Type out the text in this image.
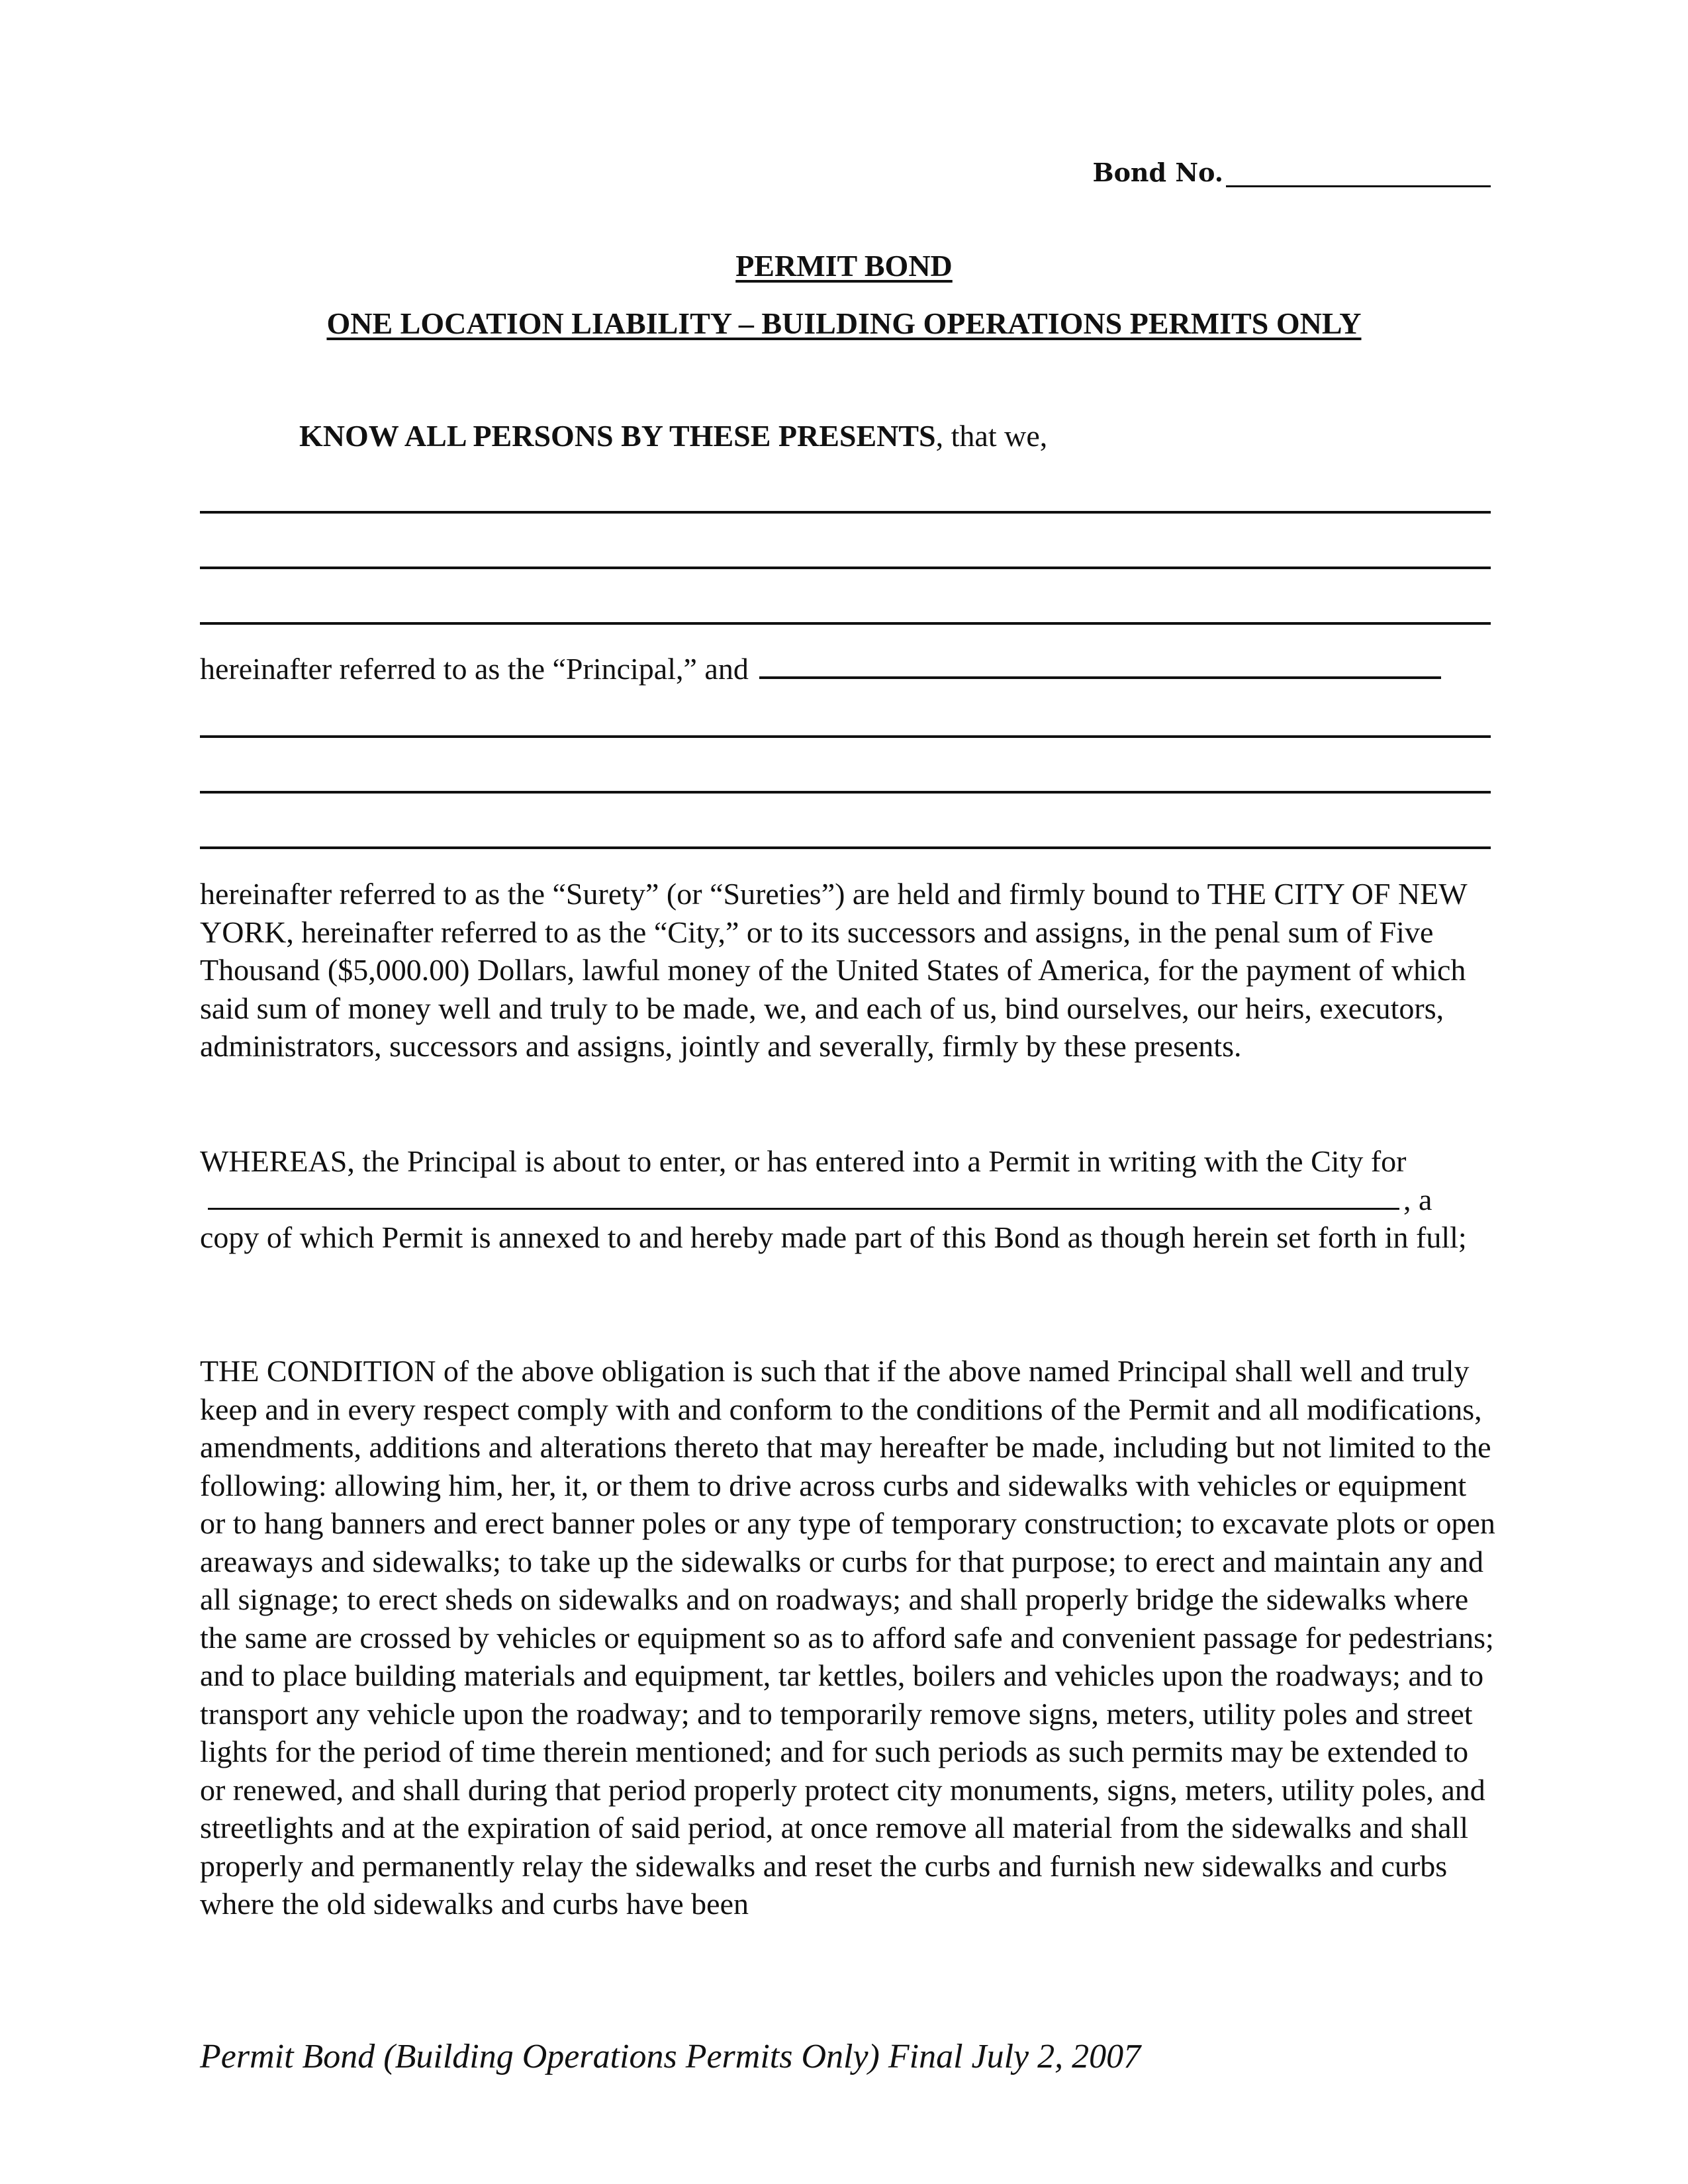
Bond No.
PERMIT BOND
ONE LOCATION LIABILITY – BUILDING OPERATIONS PERMITS ONLY
KNOW ALL PERSONS BY THESE PRESENTS, that we,
hereinafter referred to as the “Principal,” and
hereinafter referred to as the “Surety” (or “Sureties”) are held and firmly bound to THE CITY OF NEW YORK, hereinafter referred to as the “City,” or to its successors and assigns, in the penal sum of Five Thousand ($5,000.00) Dollars, lawful money of the United States of America, for the payment of which said sum of money well and truly to be made, we, and each of us, bind ourselves, our heirs, executors, administrators, successors and assigns, jointly and severally, firmly by these presents.
WHEREAS, the Principal is about to enter, or has entered into a Permit in writing with the City for, a copy of which Permit is annexed to and hereby made part of this Bond as though herein set forth in full;
THE CONDITION of the above obligation is such that if the above named Principal shall well and truly keep and in every respect comply with and conform to the conditions of the Permit and all modifications, amendments, additions and alterations thereto that may hereafter be made, including but not limited to the following: allowing him, her, it, or them to drive across curbs and sidewalks with vehicles or equipment or to hang banners and erect banner poles or any type of temporary construction; to excavate plots or open areaways and sidewalks; to take up the sidewalks or curbs for that purpose; to erect and maintain any and all signage; to erect sheds on sidewalks and on roadways; and shall properly bridge the sidewalks where the same are crossed by vehicles or equipment so as to afford safe and convenient passage for pedestrians; and to place building materials and equipment, tar kettles, boilers and vehicles upon the roadways; and to transport any vehicle upon the roadway; and to temporarily remove signs, meters, utility poles and street lights for the period of time therein mentioned; and for such periods as such permits may be extended to or renewed, and shall during that period properly protect city monuments, signs, meters, utility poles, and streetlights and at the expiration of said period, at once remove all material from the sidewalks and shall properly and permanently relay the sidewalks and reset the curbs and furnish new sidewalks and curbs where the old sidewalks and curbs have been
Permit Bond (Building Operations Permits Only) Final July 2, 2007
